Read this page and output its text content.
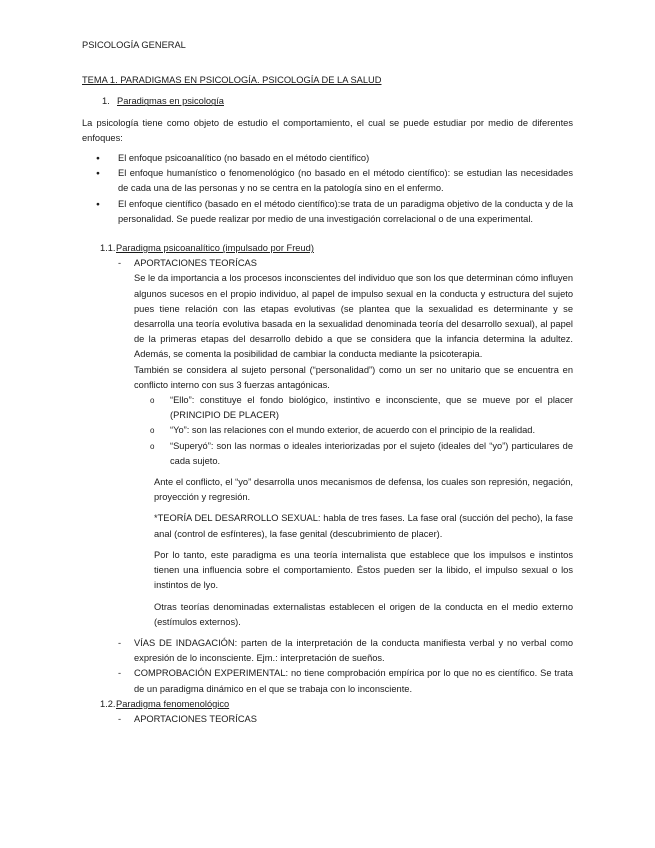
PSICOLOGÍA GENERAL
TEMA 1. PARADIGMAS EN PSICOLOGÍA. PSICOLOGÍA DE LA SALUD
1. Paradigmas en psicología

La psicología tiene como objeto de estudio el comportamiento, el cual se puede estudiar por medio de diferentes enfoques:

● El enfoque psicoanalítico (no basado en el método científico)
● El enfoque humanístico o fenomenológico (no basado en el método científico): se estudian las necesidades de cada una de las personas y no se centra en la patología sino en el enfermo.
● El enfoque científico (basado en el método científico):se trata de un paradigma objetivo de la conducta y de la personalidad. Se puede realizar por medio de una investigación correlacional o de una experimental.
1.1. Paradigma psicoanalítico (impulsado por Freud)
- APORTACIONES TEORÍCAS

Se le da importancia a los procesos inconscientes del individuo que son los que determinan cómo influyen algunos sucesos en el propio individuo, al papel de impulso sexual en la conducta y estructura del sujeto pues tiene relación con las etapas evolutivas (se plantea que la sexualidad es determinante y se desarrolla una teoría evolutiva basada en la sexualidad denominada teoría del desarrollo sexual), al papel de la primeras etapas del desarrollo debido a que se considera que la infancia determina la adultez. Además, se comenta la posibilidad de cambiar la conducta mediante la psicoterapia.

También se considera al sujeto personal (“personalidad”) como un ser no unitario que se encuentra en conflicto interno con sus 3 fuerzas antagónicas.

o “Ello”: constituye el fondo biológico, instintivo e inconsciente, que se mueve por el placer (PRINCIPIO DE PLACER)
o “Yo”: son las relaciones con el mundo exterior, de acuerdo con el principio de la realidad.
o “Superyó”: son las normas o ideales interiorizadas por el sujeto (ideales del “yo”) particulares de cada sujeto.

Ante el conflicto, el “yo” desarrolla unos mecanismos de defensa, los cuales son represión, negación, proyección y regresión.

*TEORÍA DEL DESARROLLO SEXUAL: habla de tres fases. La fase oral (succión del pecho), la fase anal (control de esfínteres), la fase genital (descubrimiento de placer).

Por lo tanto, este paradigma es una teoría internalista que establece que los impulsos e instintos tienen una influencia sobre el comportamiento. Éstos pueden ser la libido, el impulso sexual o los instintos de lyo.

Otras teorías denominadas externalistas establecen el origen de la conducta en el medio externo (estímulos externos).

- VÍAS DE INDAGACIÓN: parten de la interpretación de la conducta manifiesta verbal y no verbal como expresión de lo inconsciente. Ejm.: interpretación de sueños.
- COMPROBACIÓN EXPERIMENTAL: no tiene comprobación empírica por lo que no es científico. Se trata de un paradigma dinámico en el que se trabaja con lo inconsciente.
1.2. Paradigma fenomenológico
- APORTACIONES TEORÍCAS
